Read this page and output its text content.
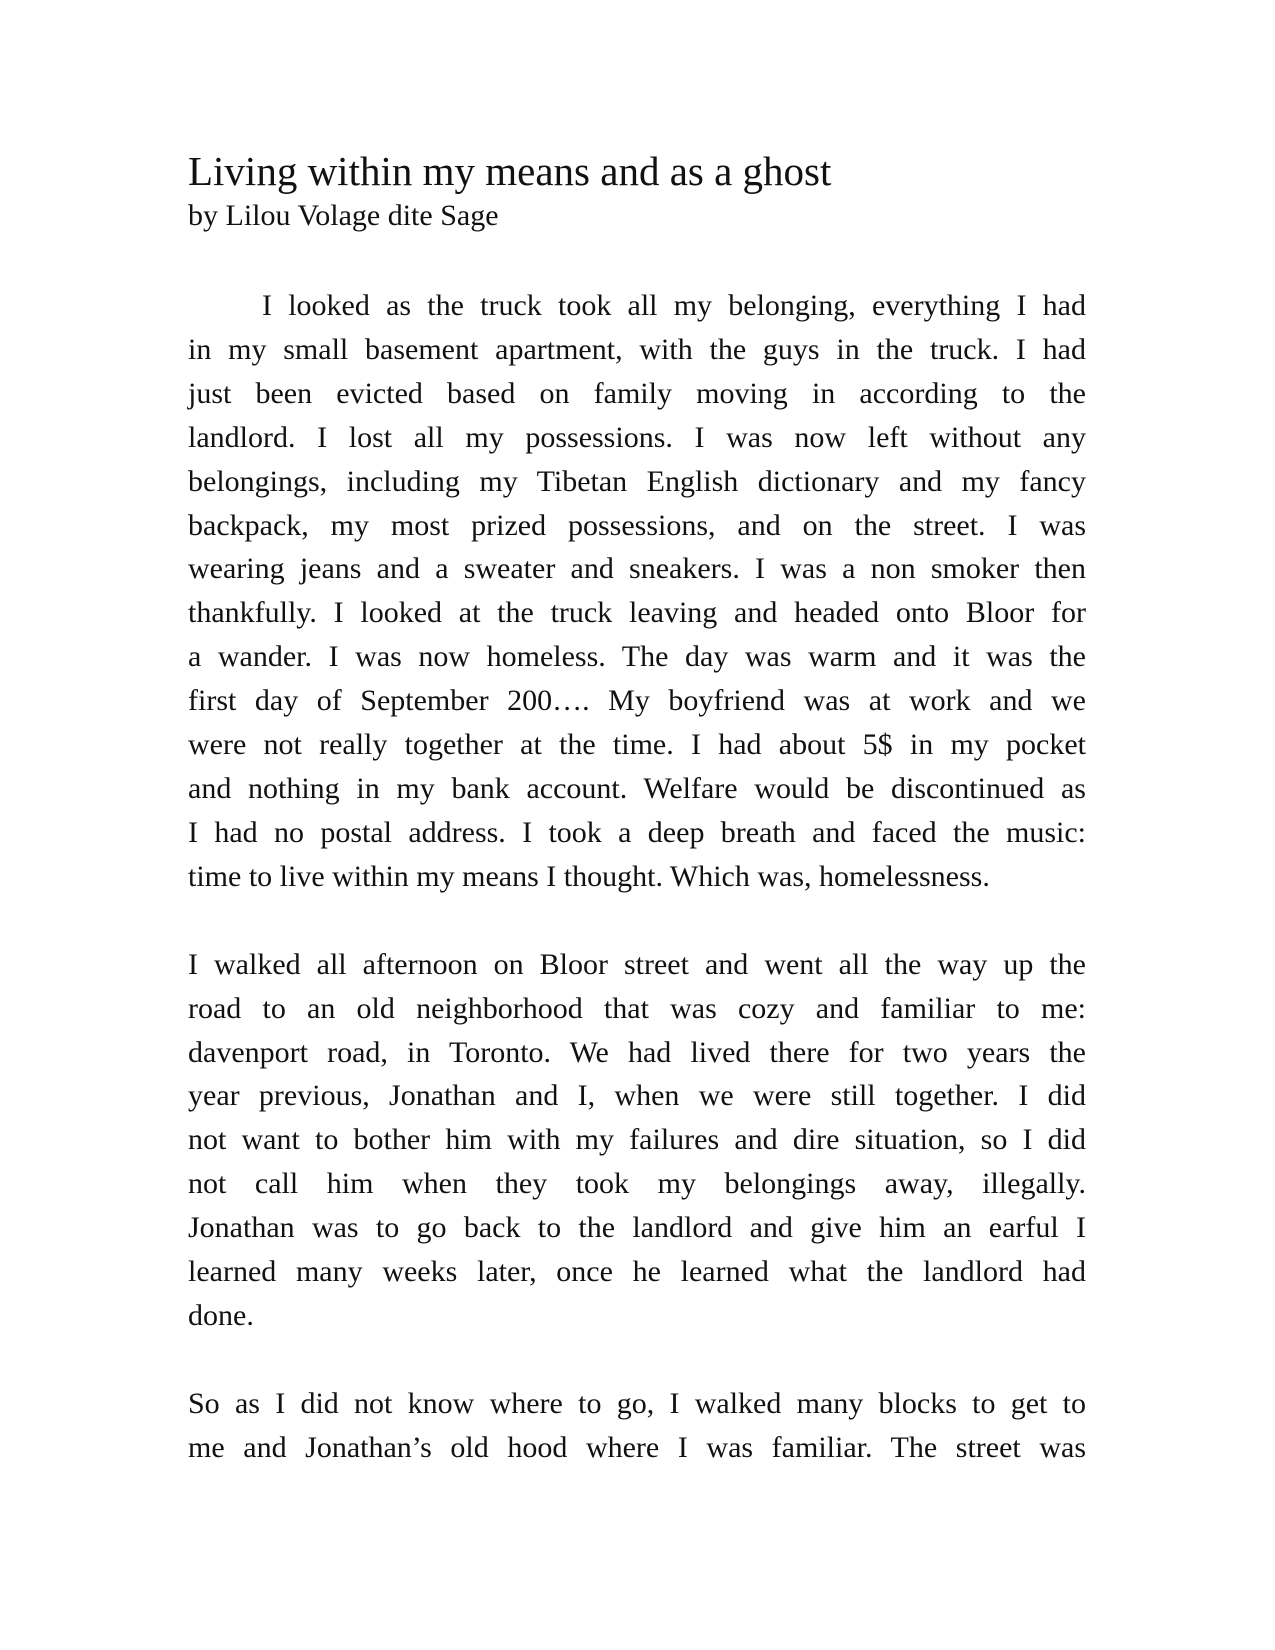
Living within my means and as a ghost

by Lilou Volage dite Sage

I looked as the truck took all my belonging, everything I had
in my small basement apartment, with the guys in the truck. I had
just been evicted based on family moving in according to the
landlord. I lost all my possessions. I was now left without any
belongings, including my Tibetan English dictionary and my fancy
backpack, my most prized possessions, and on the street. I was
wearing jeans and a sweater and sneakers. I was a non smoker then
thankfully. I looked at the truck leaving and headed onto Bloor for
a wander. I was now homeless. The day was warm and it was the
first day of September 200…. My boyfriend was at work and we
were not really together at the time. I had about 5$ in my pocket
and nothing in my bank account. Welfare would be discontinued as
I had no postal address. I took a deep breath and faced the music:
time to live within my means I thought. Which was, homelessness.
I walked all afternoon on Bloor street and went all the way up the
road to an old neighborhood that was cozy and familiar to me:
davenport road, in Toronto. We had lived there for two years the
year previous, Jonathan and I, when we were still together. I did
not want to bother him with my failures and dire situation, so I did
not call him when they took my belongings away, illegally.
Jonathan was to go back to the landlord and give him an earful I
learned many weeks later, once he learned what the landlord had
done.
So as I did not know where to go, I walked many blocks to get to
me and Jonathan’s old hood where I was familiar. The street was
